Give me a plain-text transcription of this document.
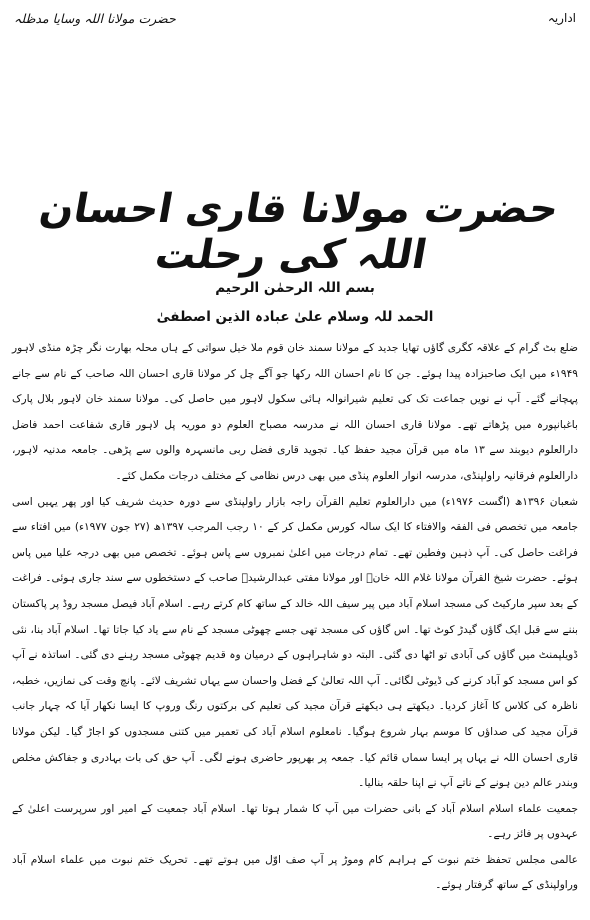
اداریہ
حضرت مولانا اللہ وسایا مدظلہ
حضرت مولانا قاری احسان اللہ کی رحلت
بسم اللہ الرحمٰن الرحیم
الحمد للہ وسلام علیٰ عبادہ الذین اصطفیٰ

ضلع بٹ گرام کے علاقہ کگری گاؤں تھایا جدید کے مولانا سمند خان قوم ملا خیل سواتی کے ہاں محلہ بھارت نگر چڑہ منڈی لاہور ۱۹۴۹ء میں ایک صاحبزادہ پیدا ہوئے۔ جن کا نام احسان اللہ رکھا جو آگے چل کر مولانا قاری احسان اللہ صاحب کے نام سے جانے پہچانے گئے۔ آپ نے نویں جماعت تک کی تعلیم شیرانوالہ ہائی سکول لاہور میں حاصل کی۔ مولانا سمند خان لاہور بلال پارک باغبانپورہ میں پڑھاتے تھے۔ مولانا قاری احسان اللہ نے مدرسہ مصباح العلوم دو موریہ پل لاہور قاری شفاعت احمد فاضل دارالعلوم دیوبند سے ۱۳ ماہ میں قرآن مجید حفظ کیا۔ تجوید قاری فضل ربی مانسہرہ والوں سے پڑھی۔ جامعہ مدنیہ لاہور، دارالعلوم فرقانیہ راولپنڈی، مدرسہ انوار العلوم پنڈی میں بھی درس نظامی کے مختلف درجات مکمل کئے۔

شعبان ۱۳۹۶ھ (اگست ۱۹۷۶ء) میں دارالعلوم تعلیم القرآن راجہ بازار راولپنڈی سے دورہ حدیث شریف کیا اور پھر یہیں اسی جامعہ میں تخصص فی الفقہ والافتاء کا ایک سالہ کورس مکمل کر کے ۱۰ رجب المرجب ۱۳۹۷ھ (۲۷ جون ۱۹۷۷ء) میں افتاء سے فراغت حاصل کی۔ آپ ذہین وفطین تھے۔ تمام درجات میں اعلیٰ نمبروں سے پاس ہوئے۔ تخصص میں بھی درجہ علیا میں پاس ہوئے۔ حضرت شیخ القرآن مولانا غلام اللہ خانؒ اور مولانا مفتی عبدالرشیدؒ صاحب کے دستخطوں سے سند جاری ہوئی۔ فراغت کے بعد سپر مارکیٹ کی مسجد اسلام آباد میں پیر سیف اللہ خالد کے ساتھ کام کرتے رہے۔ اسلام آباد فیصل مسجد روڈ پر پاکستان بننے سے قبل ایک گاؤں گیدڑ کوٹ تھا۔ اس گاؤں کی مسجد تھی جسے چھوٹی مسجد کے نام سے یاد کیا جاتا تھا۔ اسلام آباد بنا، نئی ڈویلپمنٹ میں گاؤں کی آبادی تو اٹھا دی گئی۔ البتہ دو شاہراہوں کے درمیان وہ قدیم چھوٹی مسجد رہنے دی گئی۔ اساتذہ نے آپ کو اس مسجد کو آباد کرنے کی ڈیوٹی لگائی۔ آپ اللہ تعالیٰ کے فضل واحسان سے یہاں تشریف لائے۔ پانچ وقت کی نمازیں، خطبہ، ناظرہ کی کلاس کا آغاز کردیا۔ دیکھتے ہی دیکھتے قرآن مجید کی تعلیم کی برکتوں رنگ وروپ کا ایسا نکھار آیا کہ چہار جانب قرآن مجید کی صداؤں کا موسم بہار شروع ہوگیا۔ نامعلوم اسلام آباد کی تعمیر میں کتنی مسجدوں کو اجاڑ گیا۔ لیکن مولانا قاری احسان اللہ نے یہاں پر ایسا سماں قائم کیا۔ جمعہ پر بھرپور حاضری ہونے لگی۔ آپ حق کی بات بہادری و جفاکش مخلص وبندر عالم دین ہونے کے ناتے آپ نے اپنا حلقہ بنالیا۔

جمعیت علماء اسلام اسلام آباد کے بانی حضرات میں آپ کا شمار ہوتا تھا۔ اسلام آباد جمعیت کے امیر اور سرپرست اعلیٰ کے عہدوں پر فائز رہے۔

عالمی مجلس تحفظ ختم نبوت کے ہراہم کام وموڑ پر آپ صف اوّل میں ہوتے تھے۔ تحریک ختم نبوت میں علماء اسلام آباد وراولپنڈی کے ساتھ گرفتار ہوئے۔
